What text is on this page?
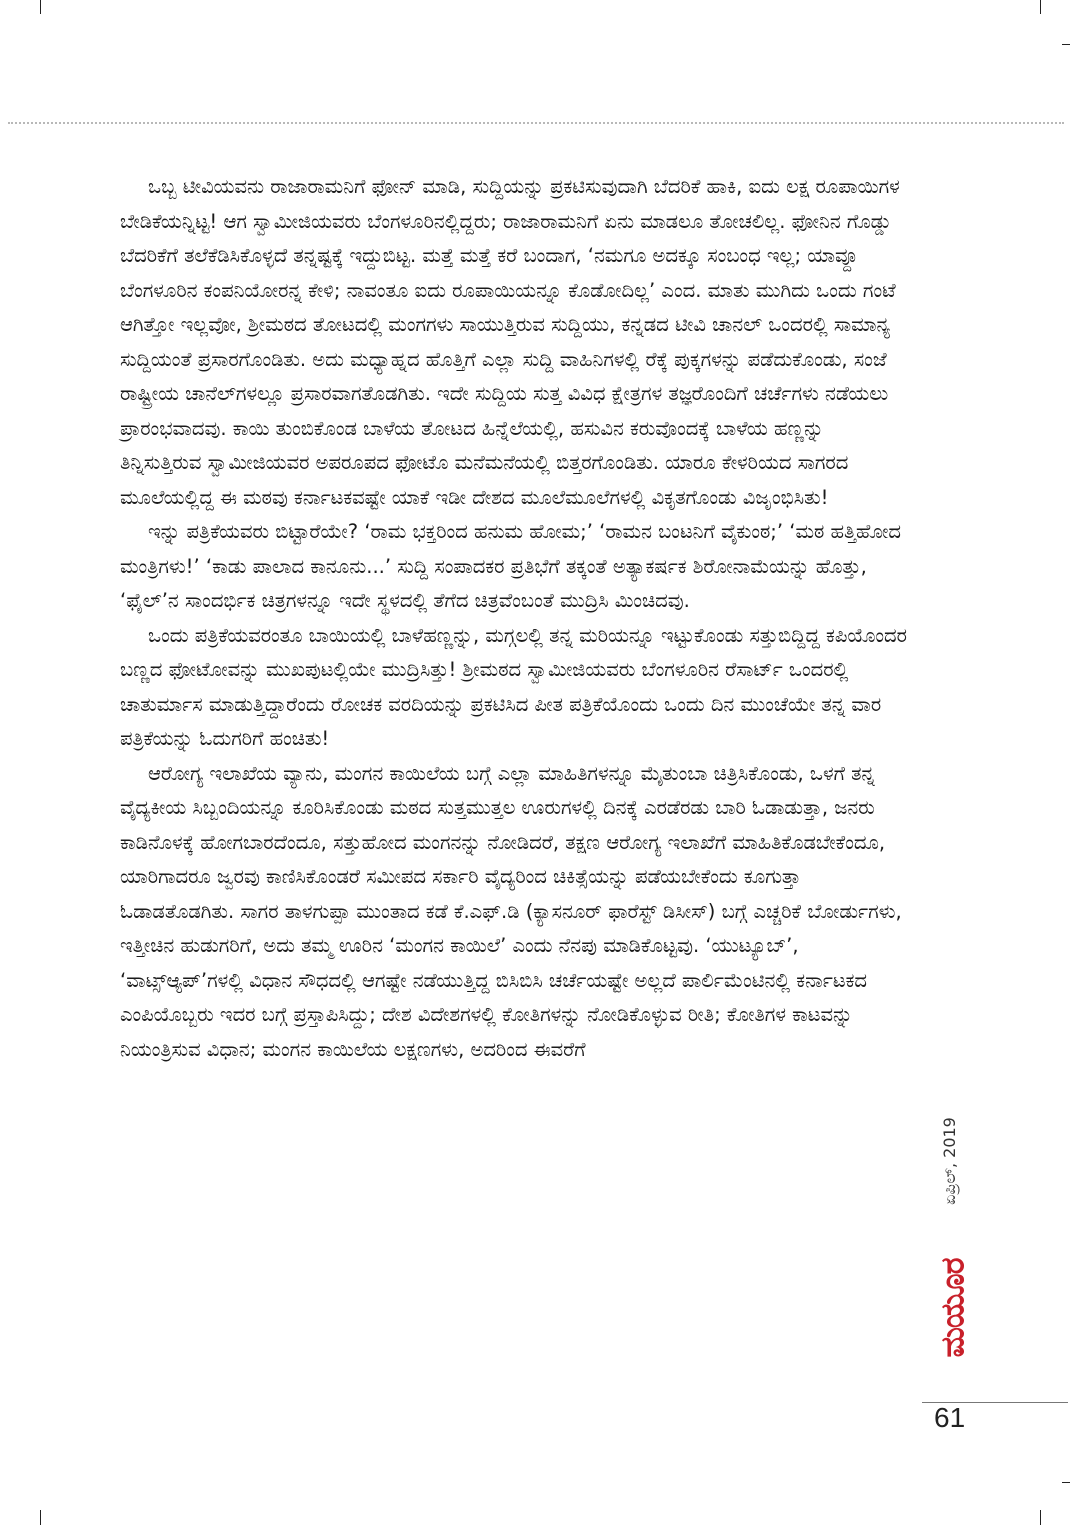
ಒಬ್ಬ ಟೀವಿಯವನು ರಾಜಾರಾಮನಿಗೆ ಫೋನ್ ಮಾಡಿ, ಸುದ್ದಿಯನ್ನು ಪ್ರಕಟಿಸುವುದಾಗಿ ಬೆದರಿಕೆ ಹಾಕಿ, ಐದು ಲಕ್ಷ ರೂಪಾಯಿಗಳ ಬೇಡಿಕೆಯನ್ನಿಟ್ಟ! ಆಗ ಸ್ವಾಮೀಜಿಯವರು ಬೆಂಗಳೂರಿನಲ್ಲಿದ್ದರು; ರಾಜಾರಾಮನಿಗೆ ಏನು ಮಾಡಲೂ ತೋಚಲಿಲ್ಲ. ಫೋನಿನ ಗೊಡ್ಡು ಬೆದರಿಕೆಗೆ ತಲೆಕೆಡಿಸಿಕೊಳ್ಳದೆ ತನ್ನಷ್ಟಕ್ಕೆ ಇದ್ದುಬಿಟ್ಟ. ಮತ್ತೆ ಮತ್ತೆ ಕರೆ ಬಂದಾಗ, ‘ನಮಗೂ ಅದಕ್ಕೂ ಸಂಬಂಧ ಇಲ್ಲ; ಯಾವ್ದೂ ಬೆಂಗಳೂರಿನ ಕಂಪನಿಯೋರನ್ನ ಕೇಳಿ; ನಾವಂತೂ ಐದು ರೂಪಾಯಿಯನ್ನೂ ಕೊಡೋದಿಲ್ಲ’ ಎಂದ. ಮಾತು ಮುಗಿದು ಒಂದು ಗಂಟೆ ಆಗಿತ್ತೋ ಇಲ್ಲವೋ, ಶ್ರೀಮಠದ ತೋಟದಲ್ಲಿ ಮಂಗಗಳು ಸಾಯುತ್ತಿರುವ ಸುದ್ದಿಯು, ಕನ್ನಡದ ಟೀವಿ ಚಾನಲ್ ಒಂದರಲ್ಲಿ ಸಾಮಾನ್ಯ ಸುದ್ದಿಯಂತೆ ಪ್ರಸಾರಗೊಂಡಿತು. ಅದು ಮಧ್ಯಾಹ್ನದ ಹೊತ್ತಿಗೆ ಎಲ್ಲಾ ಸುದ್ದಿ ವಾಹಿನಿಗಳಲ್ಲಿ ರೆಕ್ಕೆ ಪುಕ್ಕಗಳನ್ನು ಪಡೆದುಕೊಂಡು, ಸಂಜೆ ರಾಷ್ಟ್ರೀಯ ಚಾನೆಲ್‌ಗಳಲ್ಲೂ ಪ್ರಸಾರವಾಗತೊಡಗಿತು. ಇದೇ ಸುದ್ದಿಯ ಸುತ್ತ ವಿವಿಧ ಕ್ಷೇತ್ರಗಳ ತಜ್ಞರೊಂದಿಗೆ ಚರ್ಚೆಗಳು ನಡೆಯಲು ಪ್ರಾರಂಭವಾದವು. ಕಾಯಿ ತುಂಬಿಕೊಂಡ ಬಾಳೆಯ ತೋಟದ ಹಿನ್ನೆಲೆಯಲ್ಲಿ, ಹಸುವಿನ ಕರುವೊಂದಕ್ಕೆ ಬಾಳೆಯ ಹಣ್ಣನ್ನು ತಿನ್ನಿಸುತ್ತಿರುವ ಸ್ವಾಮೀಜಿಯವರ ಅಪರೂಪದ ಫೋಟೊ ಮನೆಮನೆಯಲ್ಲಿ ಬಿತ್ತರಗೊಂಡಿತು. ಯಾರೂ ಕೇಳರಿಯದ ಸಾಗರದ ಮೂಲೆಯಲ್ಲಿದ್ದ ಈ ಮಠವು ಕರ್ನಾಟಕವಷ್ಟೇ ಯಾಕೆ ಇಡೀ ದೇಶದ ಮೂಲೆಮೂಲೆಗಳಲ್ಲಿ ವಿಕೃತಗೊಂಡು ವಿಜೃಂಭಿಸಿತು!

ಇನ್ನು ಪತ್ರಿಕೆಯವರು ಬಿಟ್ಟಾರೆಯೇ? ‘ರಾಮ ಭಕ್ತರಿಂದ ಹನುಮ ಹೋಮ;’ ‘ರಾಮನ ಬಂಟನಿಗೆ ವೈಕುಂಠ;’ ‘ಮಠ ಹತ್ತಿಹೋದ ಮಂತ್ರಿಗಳು!’ ‘ಕಾಡು ಪಾಲಾದ ಕಾನೂನು...’ ಸುದ್ದಿ ಸಂಪಾದಕರ ಪ್ರತಿಭೆಗೆ ತಕ್ಕಂತೆ ಅತ್ಯಾಕರ್ಷಕ ಶಿರೋನಾಮೆಯನ್ನು ಹೊತ್ತು, ‘ಫೈಲ್’ನ ಸಾಂದರ್ಭಿಕ ಚಿತ್ರಗಳನ್ನೂ ಇದೇ ಸ್ಥಳದಲ್ಲಿ ತೆಗೆದ ಚಿತ್ರವೆಂಬಂತೆ ಮುದ್ರಿಸಿ ಮಿಂಚಿದವು.

ಒಂದು ಪತ್ರಿಕೆಯವರಂತೂ ಬಾಯಿಯಲ್ಲಿ ಬಾಳೆಹಣ್ಣನ್ನು, ಮಗ್ಗಲಲ್ಲಿ ತನ್ನ ಮರಿಯನ್ನೂ ಇಟ್ಟುಕೊಂಡು ಸತ್ತುಬಿದ್ದಿದ್ದ ಕಪಿಯೊಂದರ ಬಣ್ಣದ ಫೋಟೋವನ್ನು ಮುಖಪುಟಲ್ಲಿಯೇ ಮುದ್ರಿಸಿತ್ತು! ಶ್ರೀಮಠದ ಸ್ವಾಮೀಜಿಯವರು ಬೆಂಗಳೂರಿನ ರೆಸಾರ್ಟ್ ಒಂದರಲ್ಲಿ ಚಾತುರ್ಮಾಸ ಮಾಡುತ್ತಿದ್ದಾರೆಂದು ರೋಚಕ ವರದಿಯನ್ನು ಪ್ರಕಟಿಸಿದ ಪೀತ ಪತ್ರಿಕೆಯೊಂದು ಒಂದು ದಿನ ಮುಂಚೆಯೇ ತನ್ನ ವಾರ ಪತ್ರಿಕೆಯನ್ನು ಓದುಗರಿಗೆ ಹಂಚಿತು!

ಆರೋಗ್ಯ ಇಲಾಖೆಯ ವ್ಯಾನು, ಮಂಗನ ಕಾಯಿಲೆಯ ಬಗ್ಗೆ ಎಲ್ಲಾ ಮಾಹಿತಿಗಳನ್ನೂ ಮೈತುಂಬಾ ಚಿತ್ರಿಸಿಕೊಂಡು, ಒಳಗೆ ತನ್ನ ವೈದ್ಯಕೀಯ ಸಿಬ್ಬಂದಿಯನ್ನೂ ಕೂರಿಸಿಕೊಂಡು ಮಠದ ಸುತ್ತಮುತ್ತಲ ಊರುಗಳಲ್ಲಿ ದಿನಕ್ಕೆ ಎರಡೆರಡು ಬಾರಿ ಓಡಾಡುತ್ತಾ, ಜನರು ಕಾಡಿನೊಳಕ್ಕೆ ಹೋಗಬಾರದೆಂದೂ, ಸತ್ತುಹೋದ ಮಂಗನನ್ನು ನೋಡಿದರೆ, ತಕ್ಷಣ ಆರೋಗ್ಯ ಇಲಾಖೆಗೆ ಮಾಹಿತಿಕೊಡಬೇಕೆಂದೂ, ಯಾರಿಗಾದರೂ ಜ್ವರವು ಕಾಣಿಸಿಕೊಂಡರೆ ಸಮೀಪದ ಸರ್ಕಾರಿ ವೈದ್ಯರಿಂದ ಚಿಕಿತ್ಸೆಯನ್ನು ಪಡೆಯಬೇಕೆಂದು ಕೂಗುತ್ತಾ ಓಡಾಡತೊಡಗಿತು. ಸಾಗರ ತಾಳಗುಪ್ಪಾ ಮುಂತಾದ ಕಡೆ ಕೆ.ಎಫ್.ಡಿ (ಕ್ಯಾಸನೂರ್ ಫಾರೆಸ್ಟ್ ಡಿಸೀಸ್) ಬಗ್ಗೆ ಎಚ್ಚರಿಕೆ ಬೋರ್ಡುಗಳು, ಇತ್ತೀಚಿನ ಹುಡುಗರಿಗೆ, ಅದು ತಮ್ಮ ಊರಿನ ‘ಮಂಗನ ಕಾಯಿಲೆ’ ಎಂದು ನೆನಪು ಮಾಡಿಕೊಟ್ಟವು. ‘ಯುಟ್ಯೂಬ್’, ‘ವಾಟ್ಸ್‌ಆ್ಯಪ್’ಗಳಲ್ಲಿ ವಿಧಾನ ಸೌಧದಲ್ಲಿ ಆಗಷ್ಟೇ ನಡೆಯುತ್ತಿದ್ದ ಬಿಸಿಬಿಸಿ ಚರ್ಚೆಯಷ್ಟೇ ಅಲ್ಲದೆ ಪಾರ್ಲಿಮೆಂಟಿನಲ್ಲಿ ಕರ್ನಾಟಕದ ಎಂಪಿಯೊಬ್ಬರು ಇದರ ಬಗ್ಗೆ ಪ್ರಸ್ತಾಪಿಸಿದ್ದು; ದೇಶ ವಿದೇಶಗಳಲ್ಲಿ ಕೋತಿಗಳನ್ನು ನೋಡಿಕೊಳ್ಳುವ ರೀತಿ; ಕೋತಿಗಳ ಕಾಟವನ್ನು ನಿಯಂತ್ರಿಸುವ ವಿಧಾನ; ಮಂಗನ ಕಾಯಿಲೆಯ ಲಕ್ಷಣಗಳು, ಅದರಿಂದ ಈವರೆಗೆ

ಏಪ್ರಿಲ್, 2019
ಮಯೂರ
61
